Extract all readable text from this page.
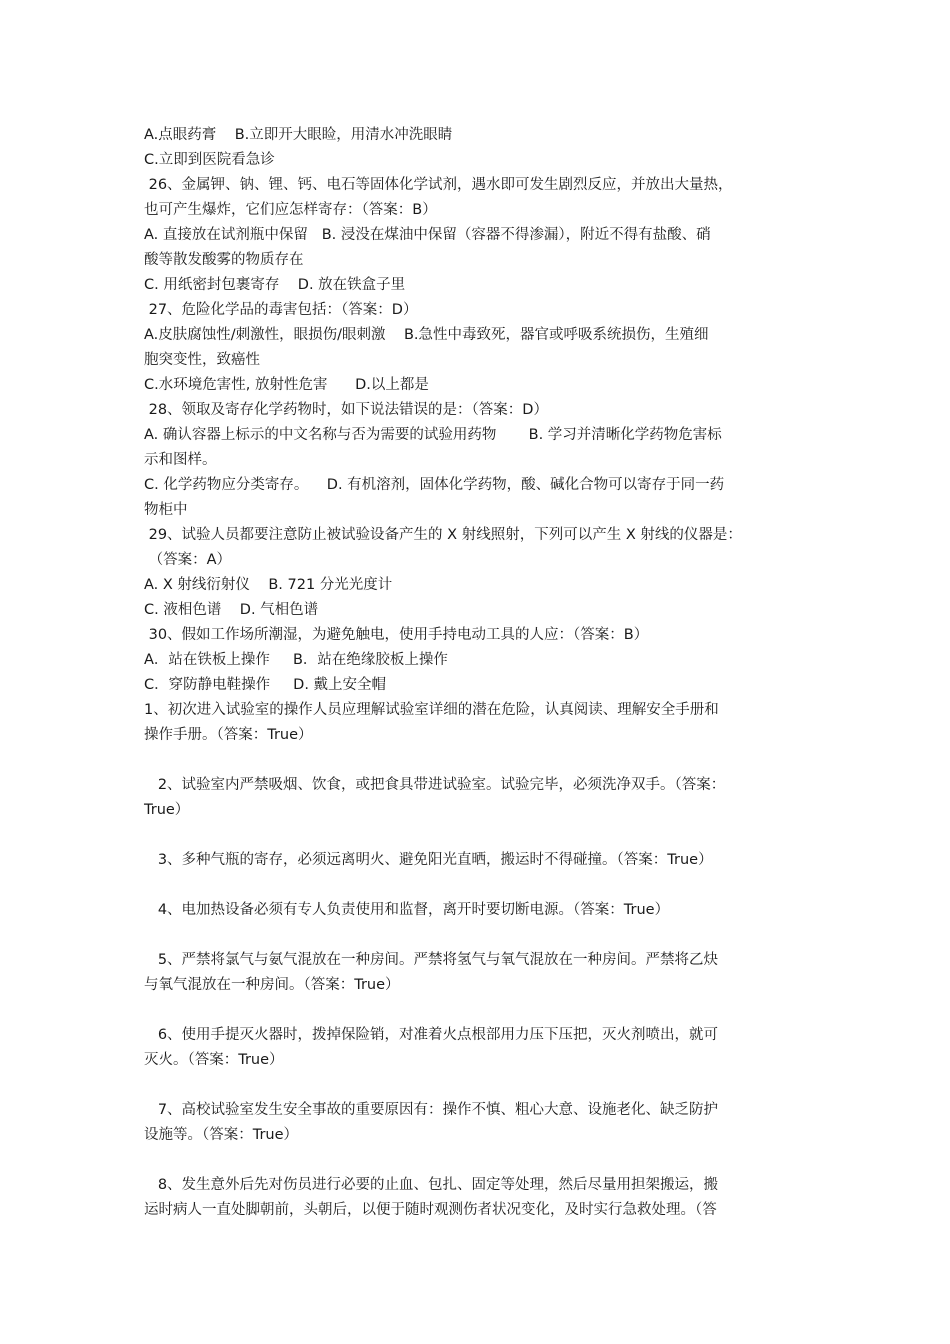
A.点眼药膏    B.立即开大眼睑，用清水冲洗眼睛
C.立即到医院看急诊
26、金属钾、钠、锂、钙、电石等固体化学试剂，遇水即可发生剧烈反应，并放出大量热，
也可产生爆炸，它们应怎样寄存：（答案：B）
A. 直接放在试剂瓶中保留   B. 浸没在煤油中保留（容器不得渗漏），附近不得有盐酸、硝
酸等散发酸雾的物质存在
C. 用纸密封包裹寄存    D. 放在铁盒子里
27、危险化学品的毒害包括：（答案：D）
A.皮肤腐蚀性/刺激性，眼损伤/眼刺激    B.急性中毒致死，器官或呼吸系统损伤，生殖细
胞突变性，致癌性
C.水环境危害性, 放射性危害      D.以上都是
28、领取及寄存化学药物时，如下说法错误的是：（答案：D）
A. 确认容器上标示的中文名称与否为需要的试验用药物       B. 学习并清晰化学药物危害标
示和图样。
C. 化学药物应分类寄存。    D. 有机溶剂，固体化学药物，酸、碱化合物可以寄存于同一药
物柜中
29、试验人员都要注意防止被试验设备产生的 X 射线照射，下列可以产生 X 射线的仪器是：
（答案：A）
A. X 射线衍射仪    B. 721 分光光度计
C. 液相色谱    D. 气相色谱
30、假如工作场所潮湿，为避免触电，使用手持电动工具的人应：（答案：B）
A．站在铁板上操作     B．站在绝缘胶板上操作
C．穿防静电鞋操作     D. 戴上安全帽
1、初次进入试验室的操作人员应理解试验室详细的潜在危险，认真阅读、理解安全手册和
操作手册。（答案：True）
2、试验室内严禁吸烟、饮食，或把食具带进试验室。试验完毕，必须洗净双手。（答案：
True）
3、多种气瓶的寄存，必须远离明火、避免阳光直晒，搬运时不得碰撞。（答案：True）
4、电加热设备必须有专人负责使用和监督，离开时要切断电源。（答案：True）
5、严禁将氯气与氨气混放在一种房间。严禁将氢气与氧气混放在一种房间。严禁将乙炔
与氧气混放在一种房间。（答案：True）
6、使用手提灭火器时，拨掉保险销，对准着火点根部用力压下压把，灭火剂喷出，就可
灭火。（答案：True）
7、高校试验室发生安全事故的重要原因有：操作不慎、粗心大意、设施老化、缺乏防护
设施等。（答案：True）
8、发生意外后先对伤员进行必要的止血、包扎、固定等处理，然后尽量用担架搬运，搬
运时病人一直处脚朝前，头朝后，以便于随时观测伤者状况变化，及时实行急救处理。（答
